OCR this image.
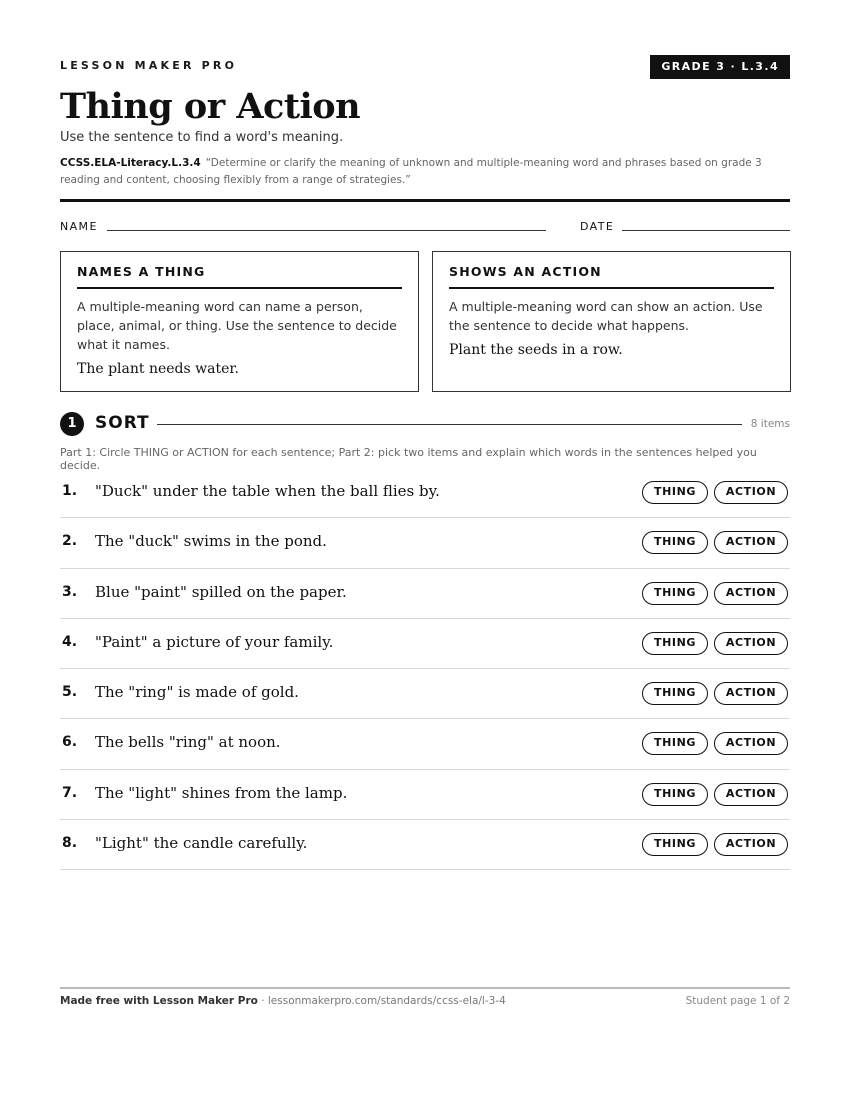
LESSON MAKER PRO	GRADE 3 · L.3.4
Thing or Action
Use the sentence to find a word's meaning.
CCSS.ELA-Literacy.L.3.4 “Determine or clarify the meaning of unknown and multiple-meaning word and phrases based on grade 3 reading and content, choosing flexibly from a range of strategies.”
NAME	DATE
NAMES A THING
A multiple-meaning word can name a person, place, animal, or thing. Use the sentence to decide what it names.
The plant needs water.
SHOWS AN ACTION
A multiple-meaning word can show an action. Use the sentence to decide what happens.
Plant the seeds in a row.
1	SORT	8 items
Part 1: Circle THING or ACTION for each sentence; Part 2: pick two items and explain which words in the sentences helped you decide.
1. "Duck" under the table when the ball flies by.	THING	ACTION
2. The "duck" swims in the pond.	THING	ACTION
3. Blue "paint" spilled on the paper.	THING	ACTION
4. "Paint" a picture of your family.	THING	ACTION
5. The "ring" is made of gold.	THING	ACTION
6. The bells "ring" at noon.	THING	ACTION
7. The "light" shines from the lamp.	THING	ACTION
8. "Light" the candle carefully.	THING	ACTION
Made free with Lesson Maker Pro · lessonmakerpro.com/standards/ccss-ela/l-3-4	Student page 1 of 2
